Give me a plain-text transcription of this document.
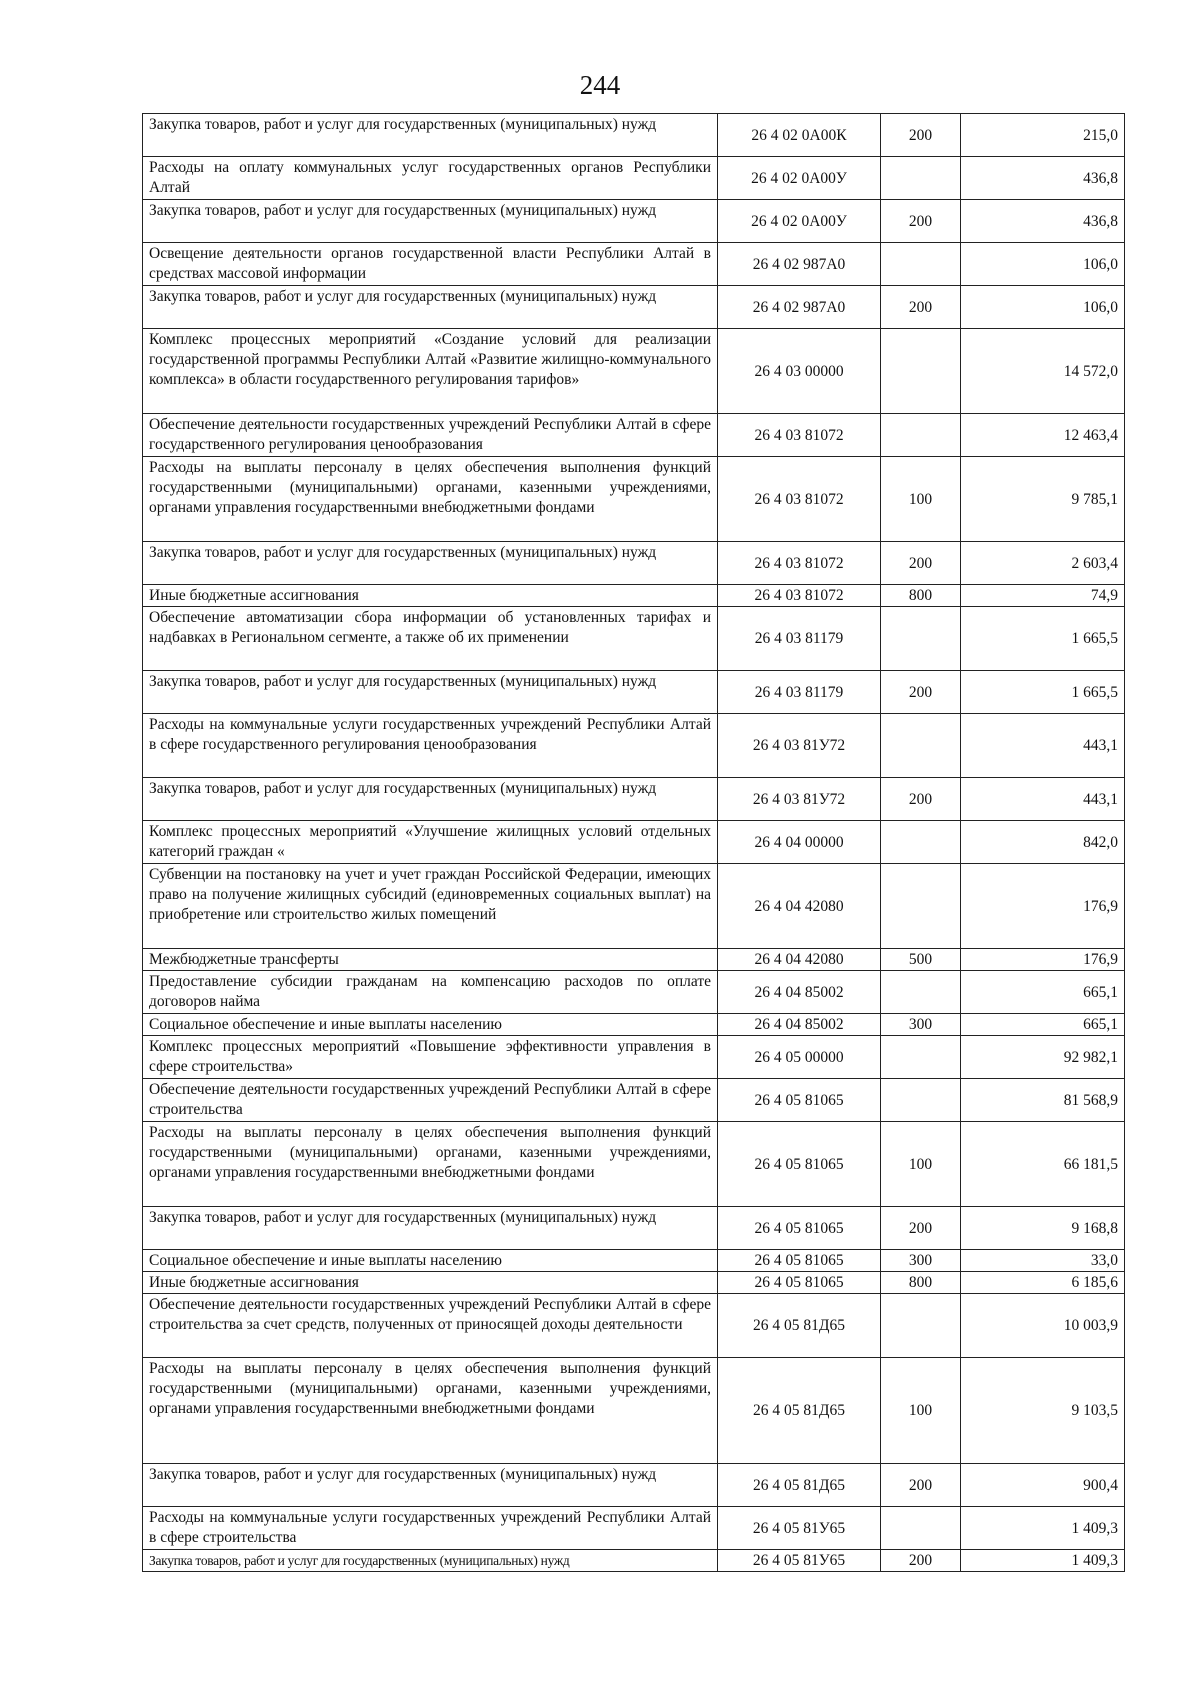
244
Закупка товаров, работ и услуг для государственных (муниципальных) нужд	26 4 02 0А00К	200	215,0
Расходы на оплату коммунальных услуг государственных органов Республики Алтай	26 4 02 0А00У		436,8
Закупка товаров, работ и услуг для государственных (муниципальных) нужд	26 4 02 0А00У	200	436,8
Освещение деятельности органов государственной власти Республики Алтай в средствах массовой информации	26 4 02 987А0		106,0
Закупка товаров, работ и услуг для государственных (муниципальных) нужд	26 4 02 987А0	200	106,0
Комплекс процессных мероприятий «Создание условий для реализации государственной программы Республики Алтай «Развитие жилищно-коммунального комплекса» в области государственного регулирования тарифов»	26 4 03 00000		14 572,0
Обеспечение деятельности государственных учреждений Республики Алтай в сфере государственного регулирования ценообразования	26 4 03 81072		12 463,4
Расходы на выплаты персоналу в целях обеспечения выполнения функций государственными (муниципальными) органами, казенными учреждениями, органами управления государственными внебюджетными фондами	26 4 03 81072	100	9 785,1
Закупка товаров, работ и услуг для государственных (муниципальных) нужд	26 4 03 81072	200	2 603,4
Иные бюджетные ассигнования	26 4 03 81072	800	74,9
Обеспечение автоматизации сбора информации об установленных тарифах и надбавках в Региональном сегменте, а также об их применении	26 4 03 81179		1 665,5
Закупка товаров, работ и услуг для государственных (муниципальных) нужд	26 4 03 81179	200	1 665,5
Расходы на коммунальные услуги государственных учреждений Республики Алтай в сфере государственного регулирования ценообразования	26 4 03 81У72		443,1
Закупка товаров, работ и услуг для государственных (муниципальных) нужд	26 4 03 81У72	200	443,1
Комплекс процессных мероприятий «Улучшение жилищных условий отдельных категорий граждан «	26 4 04 00000		842,0
Субвенции на постановку на учет и учет граждан Российской Федерации, имеющих право на получение жилищных субсидий (единовременных социальных выплат) на приобретение или строительство жилых помещений	26 4 04 42080		176,9
Межбюджетные трансферты	26 4 04 42080	500	176,9
Предоставление субсидии гражданам на компенсацию расходов по оплате договоров найма	26 4 04 85002		665,1
Социальное обеспечение и иные выплаты населению	26 4 04 85002	300	665,1
Комплекс процессных мероприятий «Повышение эффективности управления в сфере строительства»	26 4 05 00000		92 982,1
Обеспечение деятельности государственных учреждений Республики Алтай в сфере строительства	26 4 05 81065		81 568,9
Расходы на выплаты персоналу в целях обеспечения выполнения функций государственными (муниципальными) органами, казенными учреждениями, органами управления государственными внебюджетными фондами	26 4 05 81065	100	66 181,5
Закупка товаров, работ и услуг для государственных (муниципальных) нужд	26 4 05 81065	200	9 168,8
Социальное обеспечение и иные выплаты населению	26 4 05 81065	300	33,0
Иные бюджетные ассигнования	26 4 05 81065	800	6 185,6
Обеспечение деятельности государственных учреждений Республики Алтай в сфере строительства за счет средств, полученных от приносящей доходы деятельности	26 4 05 81Д65		10 003,9
Расходы на выплаты персоналу в целях обеспечения выполнения функций государственными (муниципальными) органами, казенными учреждениями, органами управления государственными внебюджетными фондами	26 4 05 81Д65	100	9 103,5
Закупка товаров, работ и услуг для государственных (муниципальных) нужд	26 4 05 81Д65	200	900,4
Расходы на коммунальные услуги государственных учреждений Республики Алтай в сфере строительства	26 4 05 81У65		1 409,3
Закупка товаров, работ и услуг для государственных (муниципальных) нужд	26 4 05 81У65	200	1 409,3
